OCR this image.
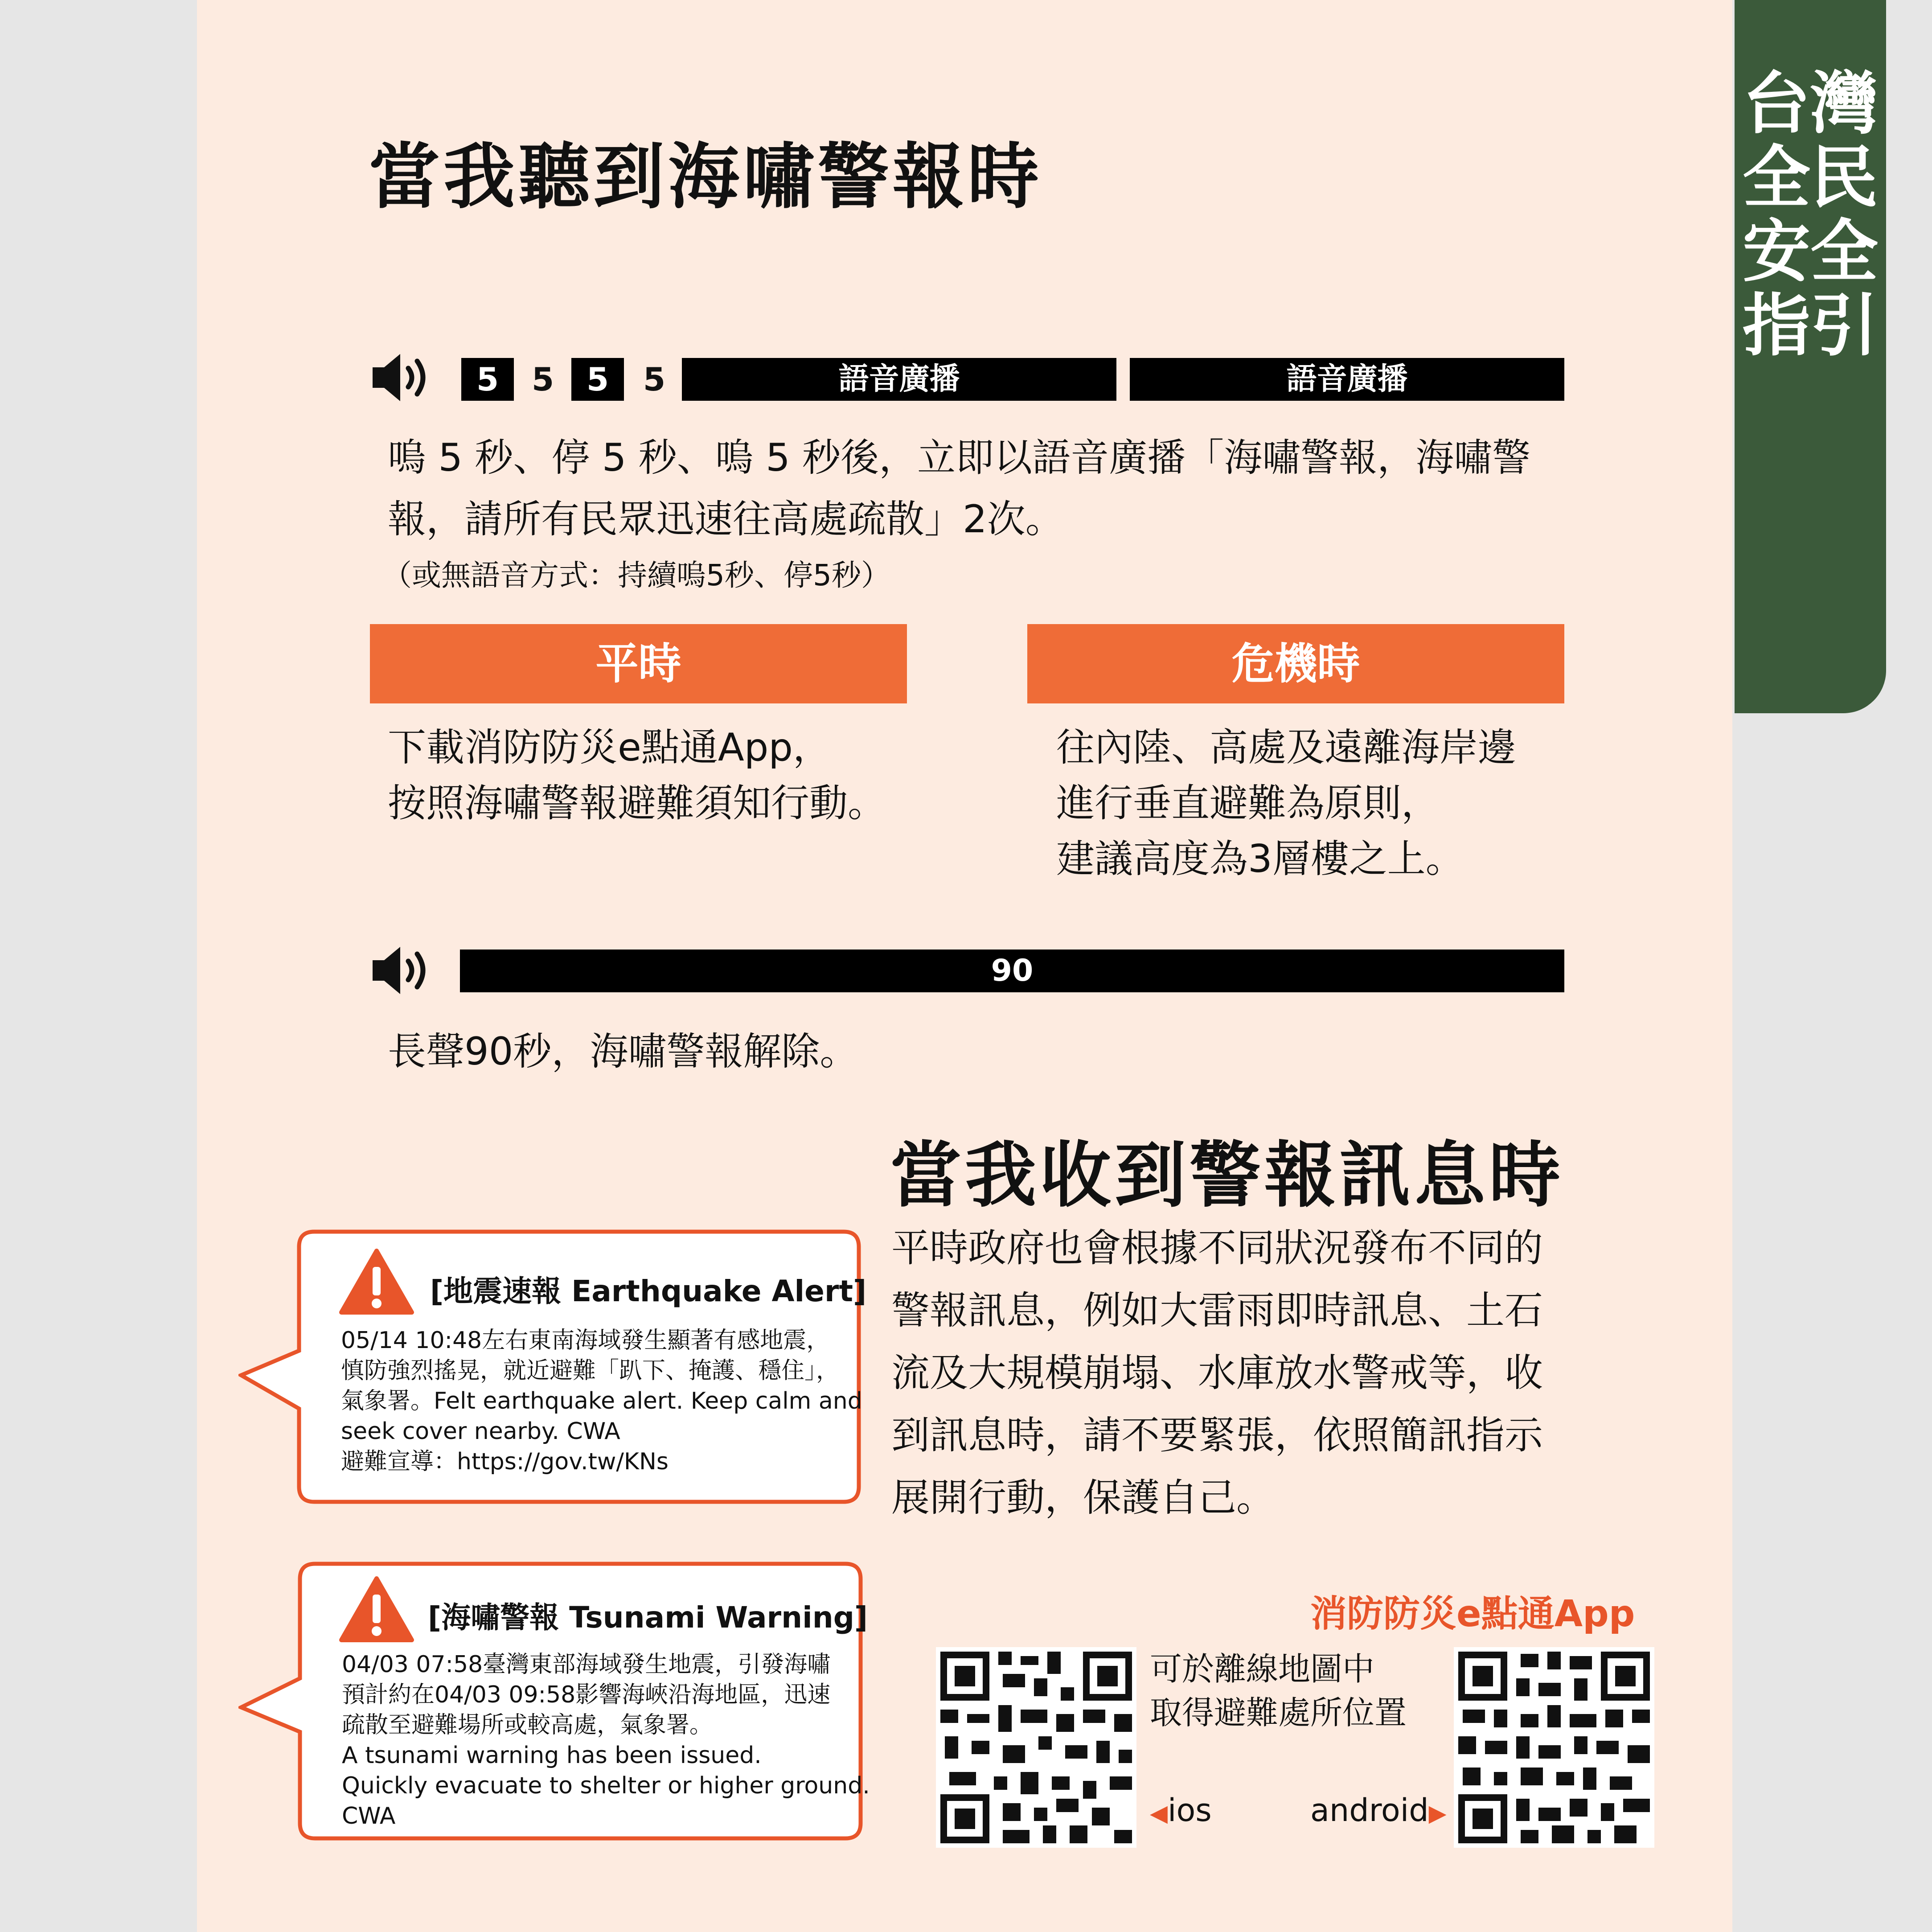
台灣全民安全指引
當我聽到海嘯警報時
5	5	5	5	語音廣播	語音廣播
嗚 5 秒、停 5 秒、嗚 5 秒後，立即以語音廣播「海嘯警報，海嘯警
報，請所有民眾迅速往高處疏散」2次。
（或無語音方式：持續嗚5秒、停5秒）
平時	危機時
下載消防防災e點通App，
按照海嘯警報避難須知行動。
往內陸、高處及遠離海岸邊
進行垂直避難為原則，
建議高度為3層樓之上。
90
長聲90秒，海嘯警報解除。
當我收到警報訊息時
平時政府也會根據不同狀況發布不同的
警報訊息，例如大雷雨即時訊息、土石
流及大規模崩塌、水庫放水警戒等，收
到訊息時，請不要緊張，依照簡訊指示
展開行動，保護自己。
[地震速報 Earthquake Alert]
05/14 10:48左右東南海域發生顯著有感地震，
慎防強烈搖晃，就近避難「趴下、掩護、穩住」，
氣象署。Felt earthquake alert. Keep calm and
seek cover nearby. CWA
避難宣導：https://gov.tw/KNs
[海嘯警報 Tsunami Warning]
04/03 07:58臺灣東部海域發生地震，引發海嘯
預計約在04/03 09:58影響海峽沿海地區，迅速
疏散至避難場所或較高處，氣象署。
A tsunami warning has been issued.
Quickly evacuate to shelter or higher ground.
CWA
消防防災e點通App
可於離線地圖中
取得避難處所位置
◀ios	android▶
